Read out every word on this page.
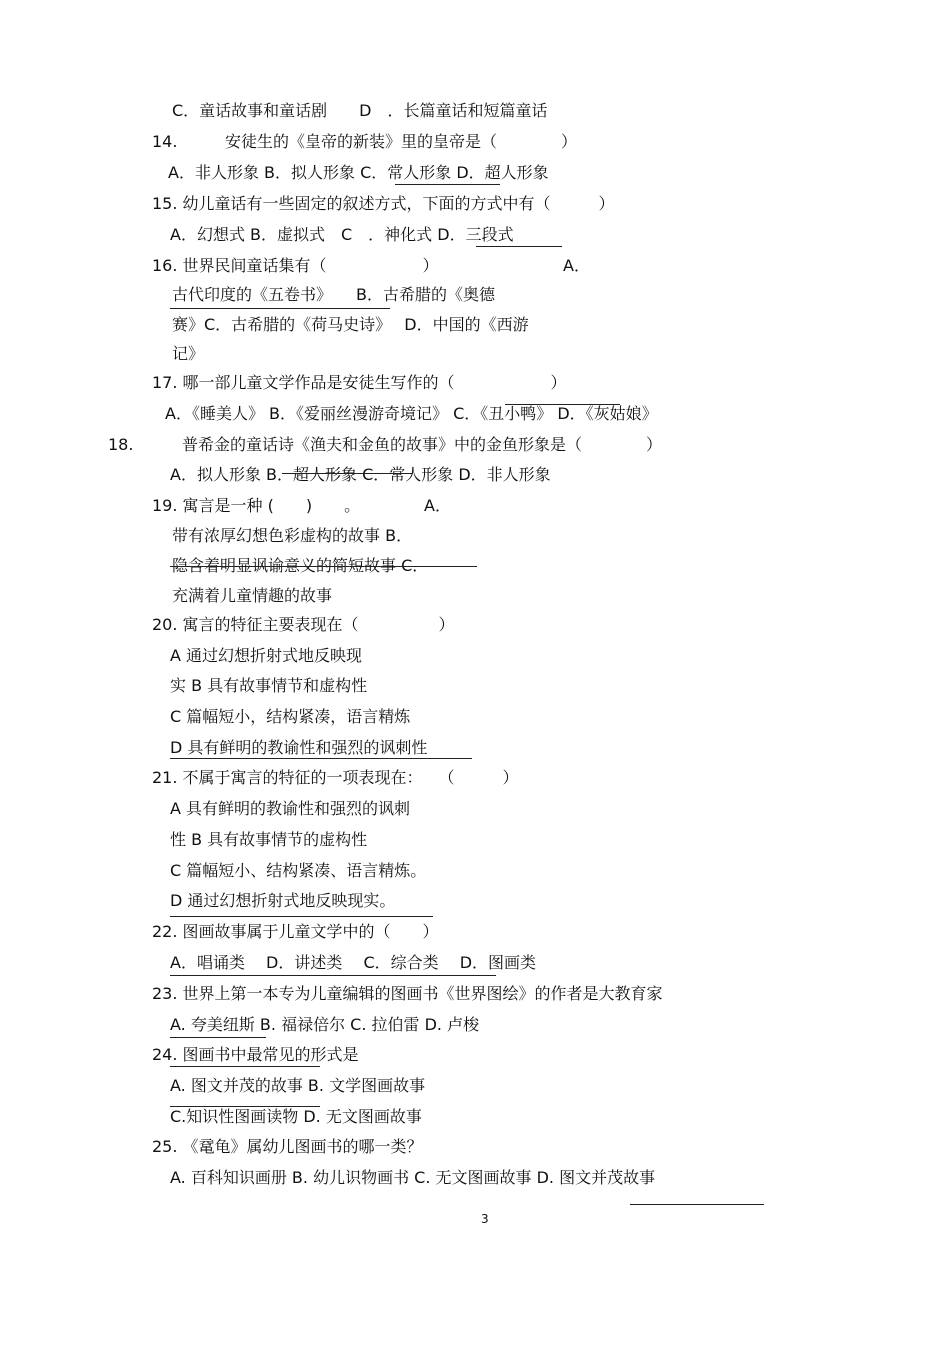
C．童话故事和童话剧　　D　．长篇童话和短篇童话
14.	安徒生的《皇帝的新装》里的皇帝是（　　　　）
A．非人形象 B．拟人形象 C．常人形象 D．超人形象
15. 幼儿童话有一些固定的叙述方式，下面的方式中有（　　　）
A．幻想式 B．虚拟式　C　．神化式 D．三段式
16. 世界民间童话集有（　　　　　　）	A．
古代印度的《五卷书》　　B．古希腊的《奥德
赛》C．古希腊的《荷马史诗》　 D．中国的《西游
记》
17. 哪一部儿童文学作品是安徒生写作的（　　　　　　）
A．《睡美人》 B．《爱丽丝漫游奇境记》 C．《丑小鸭》 D．《灰姑娘》
18.	普希金的童话诗《渔夫和金鱼的故事》中的金鱼形象是（　　　　）
A．拟人形象 B．超人形象 C．常人形象 D．非人形象
19. 寓言是一种 (　　)　　。	A．
带有浓厚幻想色彩虚构的故事 B．
隐含着明显讽谕意义的简短故事 C．
充满着儿童情趣的故事
20. 寓言的特征主要表现在（　　　　　）
A 通过幻想折射式地反映现
实 B 具有故事情节和虚构性
C 篇幅短小，结构紧凑，语言精炼
D 具有鲜明的教谕性和强烈的讽刺性
21. 不属于寓言的特征的一项表现在：　　（　　　）
A 具有鲜明的教谕性和强烈的讽刺
性 B 具有故事情节的虚构性
C 篇幅短小、结构紧凑、语言精炼。
D 通过幻想折射式地反映现实。
22. 图画故事属于儿童文学中的（　　）
A．唱诵类　 D．讲述类　 C．综合类　 D．图画类
23. 世界上第一本专为儿童编辑的图画书《世界图绘》的作者是大教育家
A. 夸美纽斯 B. 福禄倍尔 C. 拉伯雷 D. 卢梭
24. 图画书中最常见的形式是
A. 图文并茂的故事 B. 文学图画故事
C.知识性图画读物 D. 无文图画故事
25. 《鼋龟》属幼儿图画书的哪一类？
A. 百科知识画册 B. 幼儿识物画书 C. 无文图画故事 D. 图文并茂故事
3
